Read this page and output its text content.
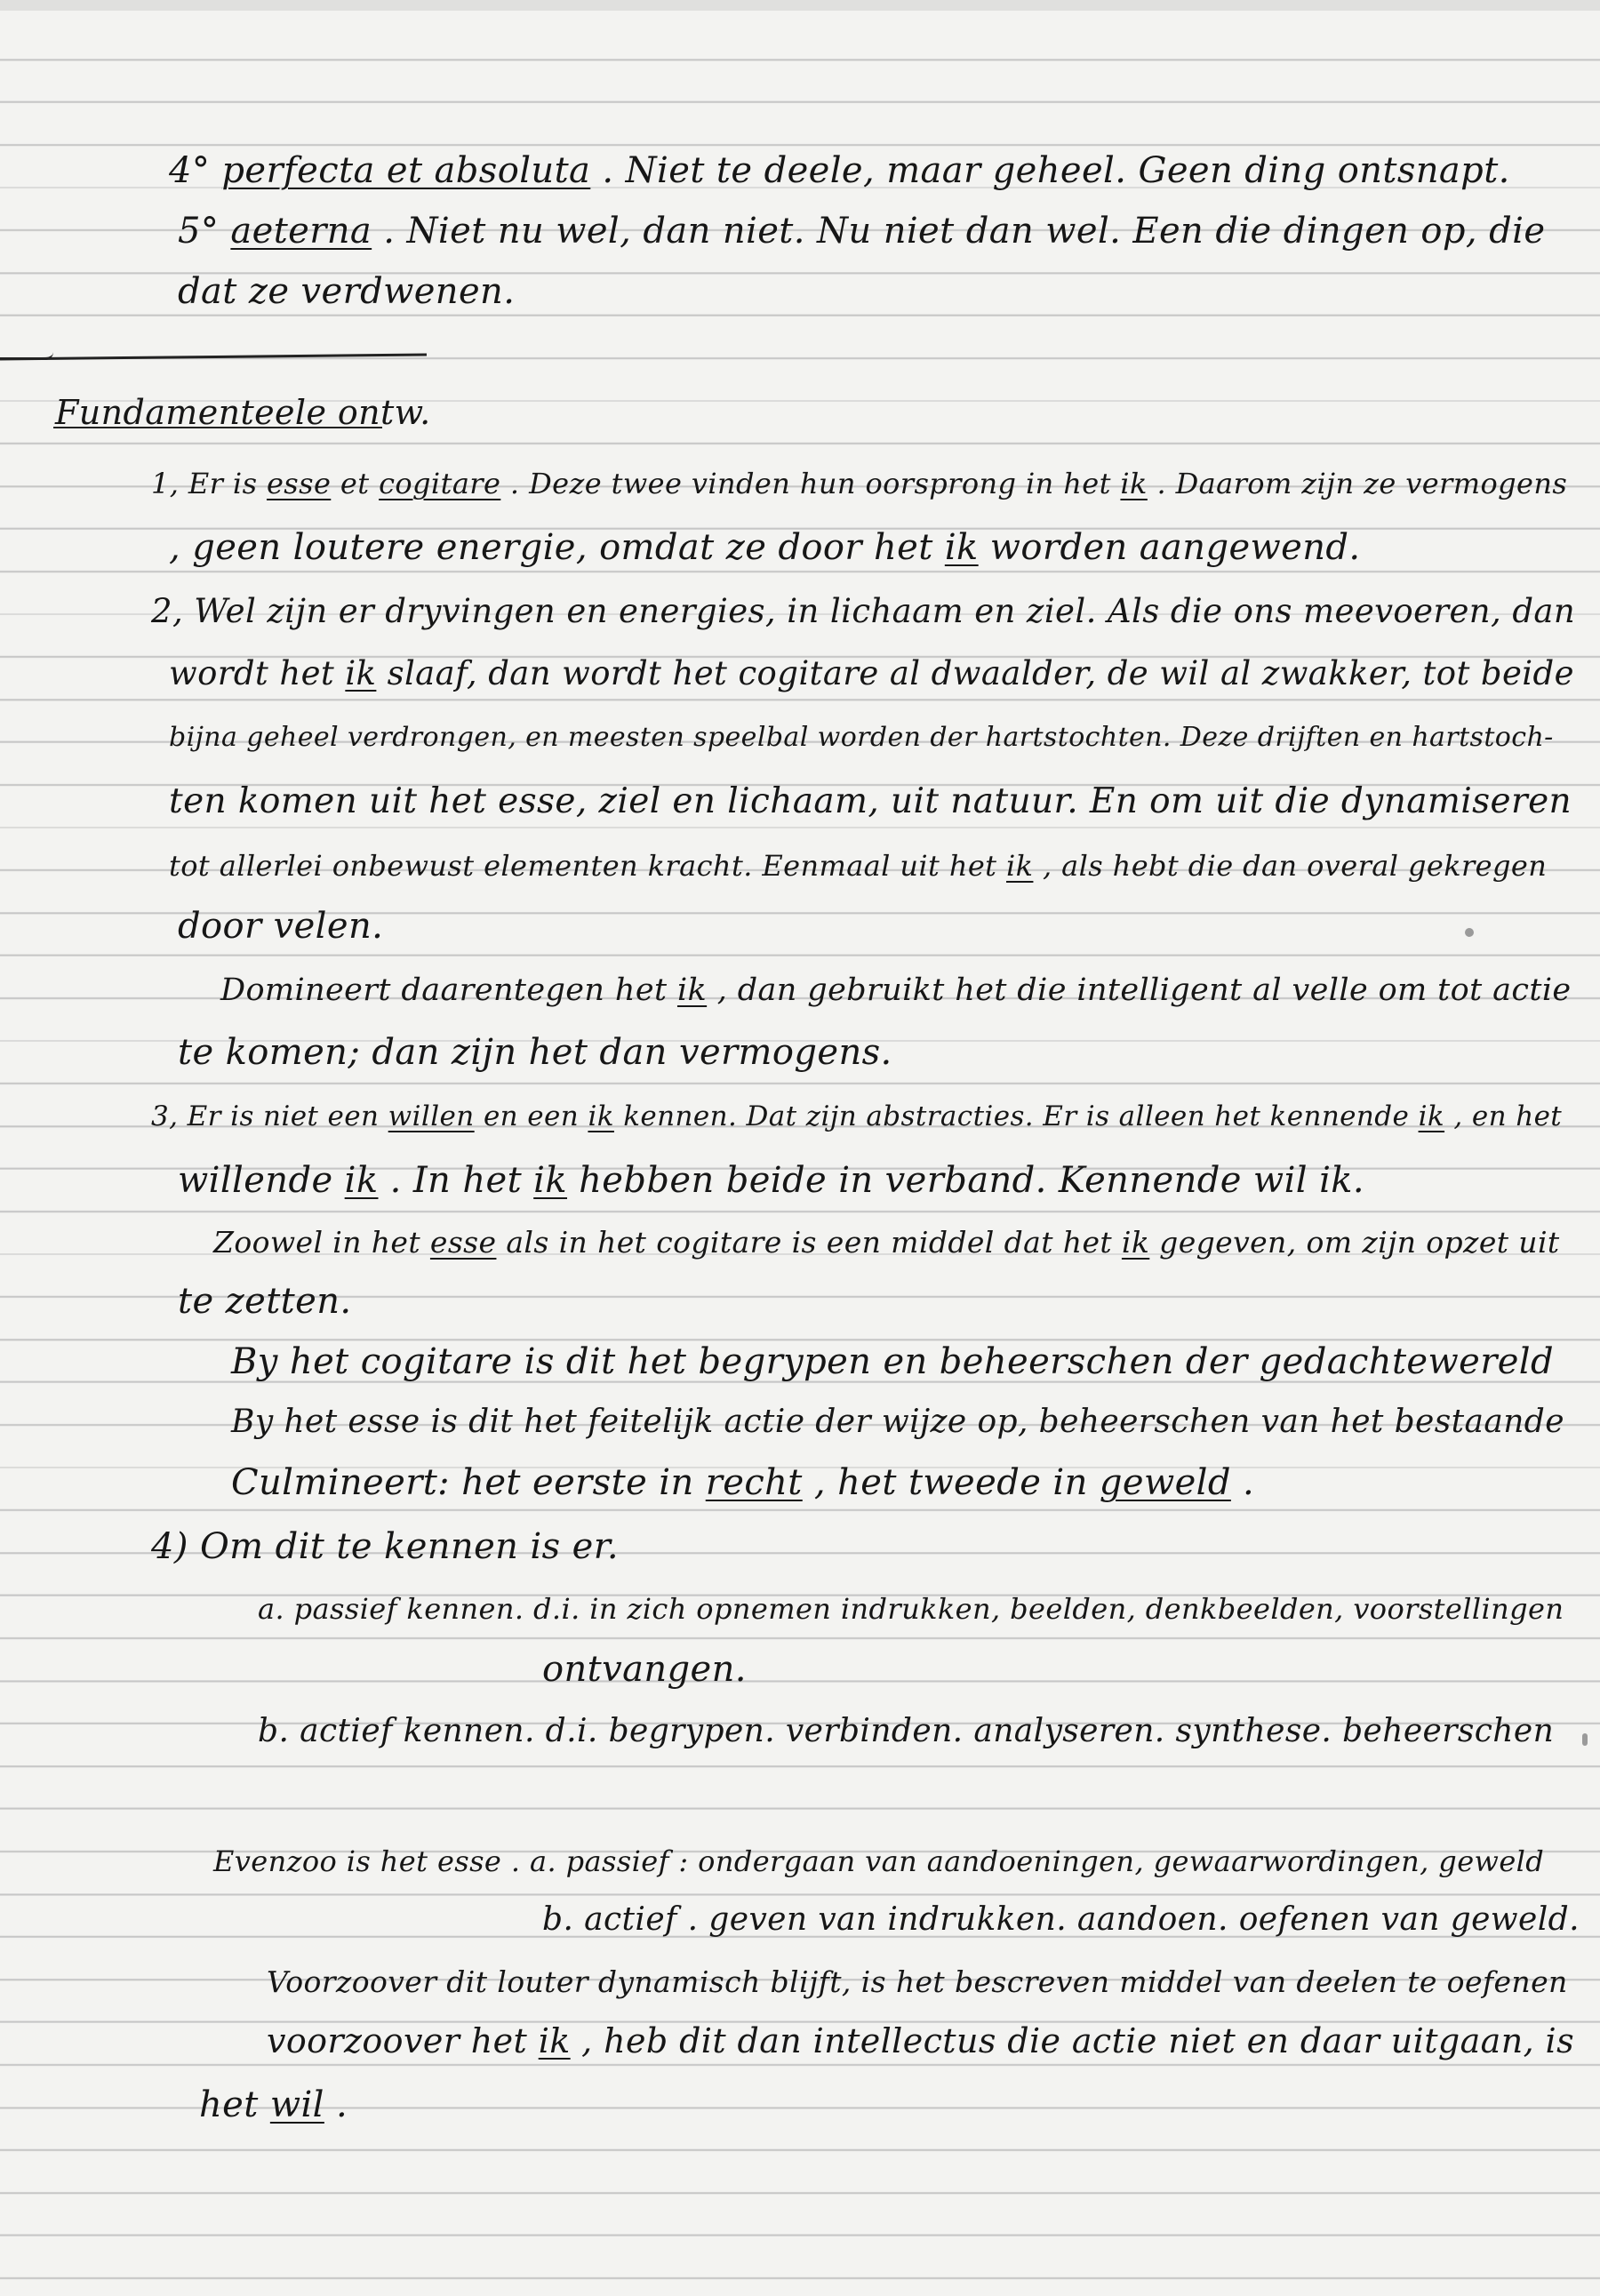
4° perfecta et absoluta . Niet te deele, maar geheel. Geen ding ontsnapt.
5° aeterna . Niet nu wel, dan niet. Nu niet dan wel. Een die dingen op, die
dat ze verdwenen.
Fundamenteele ontw.
1, Er is esse et cogitare . Deze twee vinden hun oorsprong in het ik . Daarom zijn ze vermogens
, geen loutere energie, omdat ze door het ik worden aangewend.
2, Wel zijn er dryvingen en energies, in lichaam en ziel. Als die ons meevoeren, dan
wordt het ik slaaf, dan wordt het cogitare al dwaalder, de wil al zwakker, tot beide
bijna geheel verdrongen, en meesten speelbal worden der hartstochten. Deze drijften en hartstoch-
ten komen uit het esse, ziel en lichaam, uit natuur. En om uit die dynamiseren
tot allerlei onbewust elementen kracht. Eenmaal uit het ik , als hebt die dan overal gekregen
door velen.
Domineert daarentegen het ik , dan gebruikt het die intelligent al velle om tot actie
te komen; dan zijn het dan vermogens.
3, Er is niet een willen en een ik kennen. Dat zijn abstracties. Er is alleen het kennende ik , en het
willende ik . In het ik hebben beide in verband. Kennende wil ik.
Zoowel in het esse als in het cogitare is een middel dat het ik gegeven, om zijn opzet uit
te zetten.
By het cogitare is dit het begrypen en beheerschen der gedachtewereld
By het esse is dit het feitelijk actie der wijze op, beheerschen van het bestaande
Culmineert: het eerste in recht , het tweede in geweld .
4) Om dit te kennen is er.
a. passief kennen. d.i. in zich opnemen indrukken, beelden, denkbeelden, voorstellingen
ontvangen.
b. actief kennen. d.i. begrypen. verbinden. analyseren. synthese. beheerschen
Evenzoo is het esse . a. passief : ondergaan van aandoeningen, gewaarwordingen, geweld
b. actief . geven van indrukken. aandoen. oefenen van geweld.
Voorzoover dit louter dynamisch blijft, is het bescreven middel van deelen te oefenen
voorzoover het ik , heb dit dan intellectus die actie niet en daar uitgaan, is
het wil .
